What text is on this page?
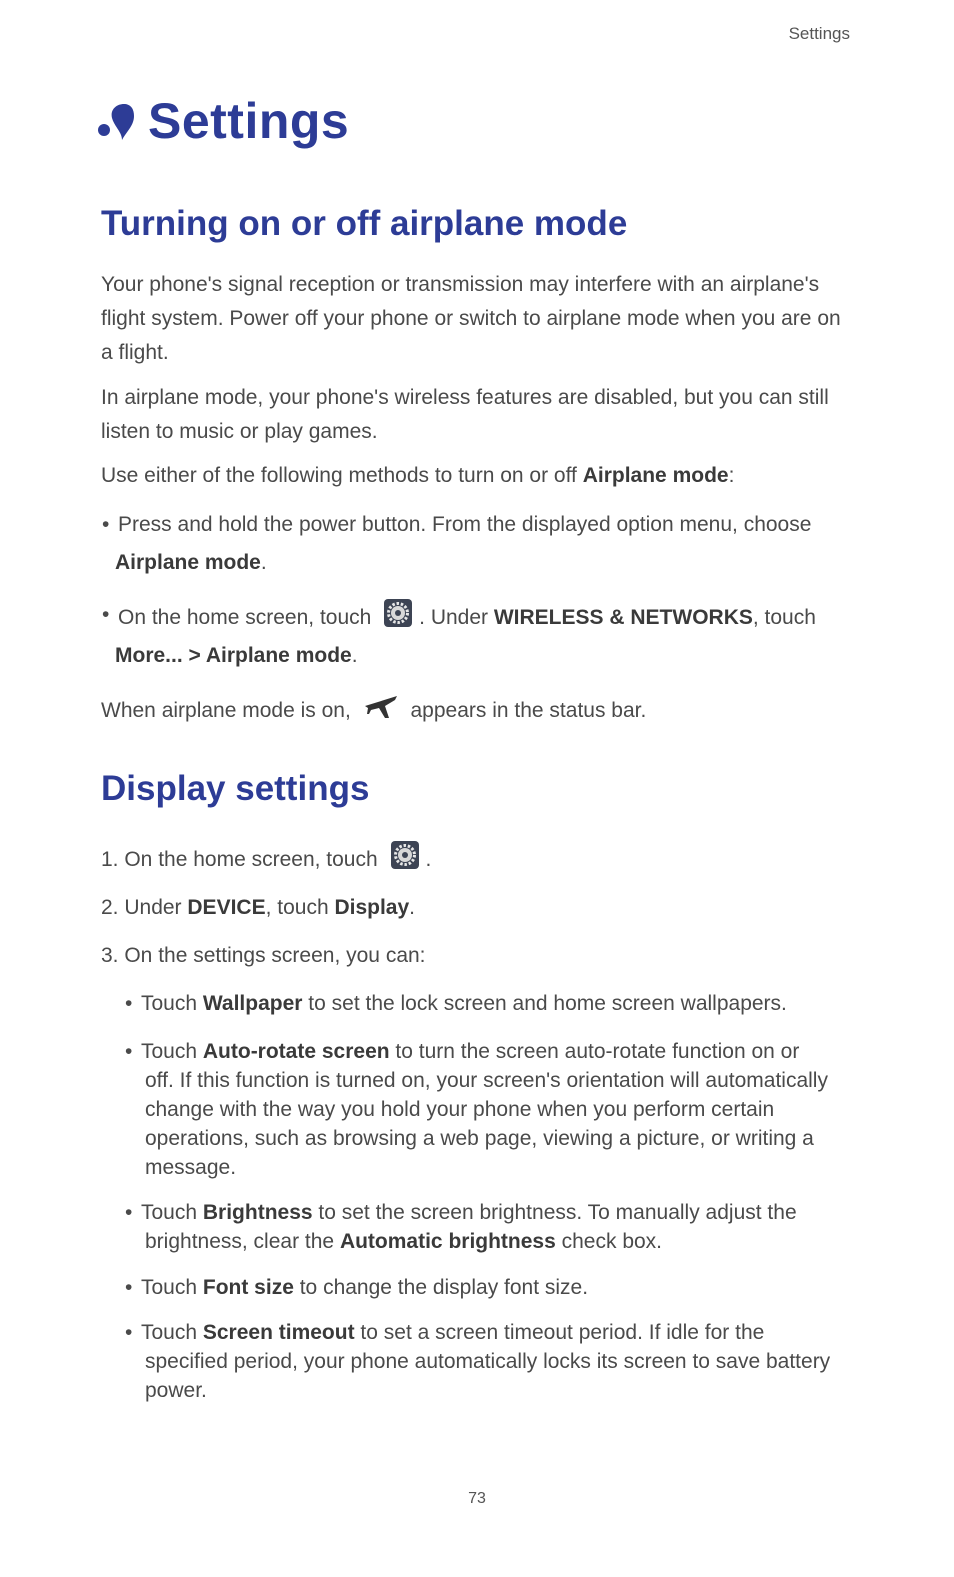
Settings
Settings
Turning on or off airplane mode
Your phone's signal reception or transmission may interfere with an airplane's
flight system. Power off your phone or switch to airplane mode when you are on
a flight.
In airplane mode, your phone's wireless features are disabled, but you can still
listen to music or play games.
Use either of the following methods to turn on or off Airplane mode:
• Press and hold the power button. From the displayed option menu, choose
Airplane mode.
• On the home screen, touch . Under WIRELESS & NETWORKS, touch
More... > Airplane mode.
When airplane mode is on,	appears in the status bar.
Display settings
1. On the home screen, touch .
2. Under DEVICE, touch Display.
3. On the settings screen, you can:
• Touch Wallpaper to set the lock screen and home screen wallpapers.
• Touch Auto-rotate screen to turn the screen auto-rotate function on or
off. If this function is turned on, your screen's orientation will automatically
change with the way you hold your phone when you perform certain
operations, such as browsing a web page, viewing a picture, or writing a
message.
• Touch Brightness to set the screen brightness. To manually adjust the
brightness, clear the Automatic brightness check box.
• Touch Font size to change the display font size.
• Touch Screen timeout to set a screen timeout period. If idle for the
specified period, your phone automatically locks its screen to save battery
power.
73
